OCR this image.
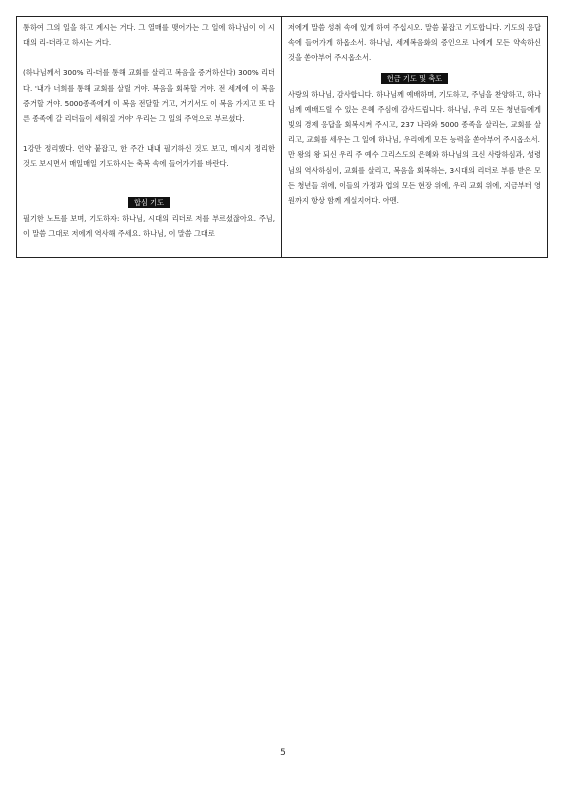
통하여 그의 일을 하고 계시는 거다. 그 열매를 맺어가는 그 일에 하나님이 이 시대의 리-더라고 하시는 거다.

(하나님께서 300% 리-더를 통해 교회를 살리고 복음을 증거하신다) 300% 리더다. '내가 너희를 통해 교회를 살릴 거야. 복음을 회복할 거야. 전 세계에 이 복음 증거할 거야. 5000종족에게 이 복음 전달할 거고, 거기서도 이 복음 가지고 또 다른 종족에 갈 리더들이 세워질 거야' 우리는 그 일의 주역으로 부르셨다.

1강만 정리했다. 언약 붙잡고, 한 주간 내내 필기하신 것도 보고, 메시지 정리한 것도 보시면서 매일매일 기도하시는 축복 속에 들어가기를 바란다.

합심 기도

필기한 노트를 보며, 기도하자: 하나님, 시대의 리더로 저를 부르셨잖아요. 주님, 이 말씀 그대로 저에게 역사해 주세요. 하나님, 이 말씀 그대로

저에게 말씀 성취 속에 있게 하여 주십시오. 말씀 붙잡고 기도합니다. 기도의 응답 속에 들어가게 하옵소서. 하나님, 세계복음화의 증인으로 나에게 모든 약속하신 것을 쏟아부어 주시옵소서.

헌금 기도 및 축도

사랑의 하나님, 감사합니다. 하나님께 예배하며, 기도하고, 주님을 찬양하고, 하나님께 예배드릴 수 있는 은혜 주심에 감사드립니다. 하나님, 우리 모든 청년들에게 빛의 경제 응답을 회복시켜 주시고, 237 나라와 5000 종족을 살리는, 교회를 살리고, 교회를 세우는 그 일에 하나님, 우리에게 모든 능력을 쏟아부어 주시옵소서.

만 왕의 왕 되신 우리 주 예수 그리스도의 은혜와 하나님의 크신 사랑하심과, 성령님의 역사하심이, 교회를 살리고, 복음을 회복하는, 3시대의 리더로 부름 받은 모든 청년들 위에, 이들의 가정과 업의 모든 현장 위에, 우리 교회 위에, 지금부터 영원까지 항상 함께 계실지어다. 아멘.

5
